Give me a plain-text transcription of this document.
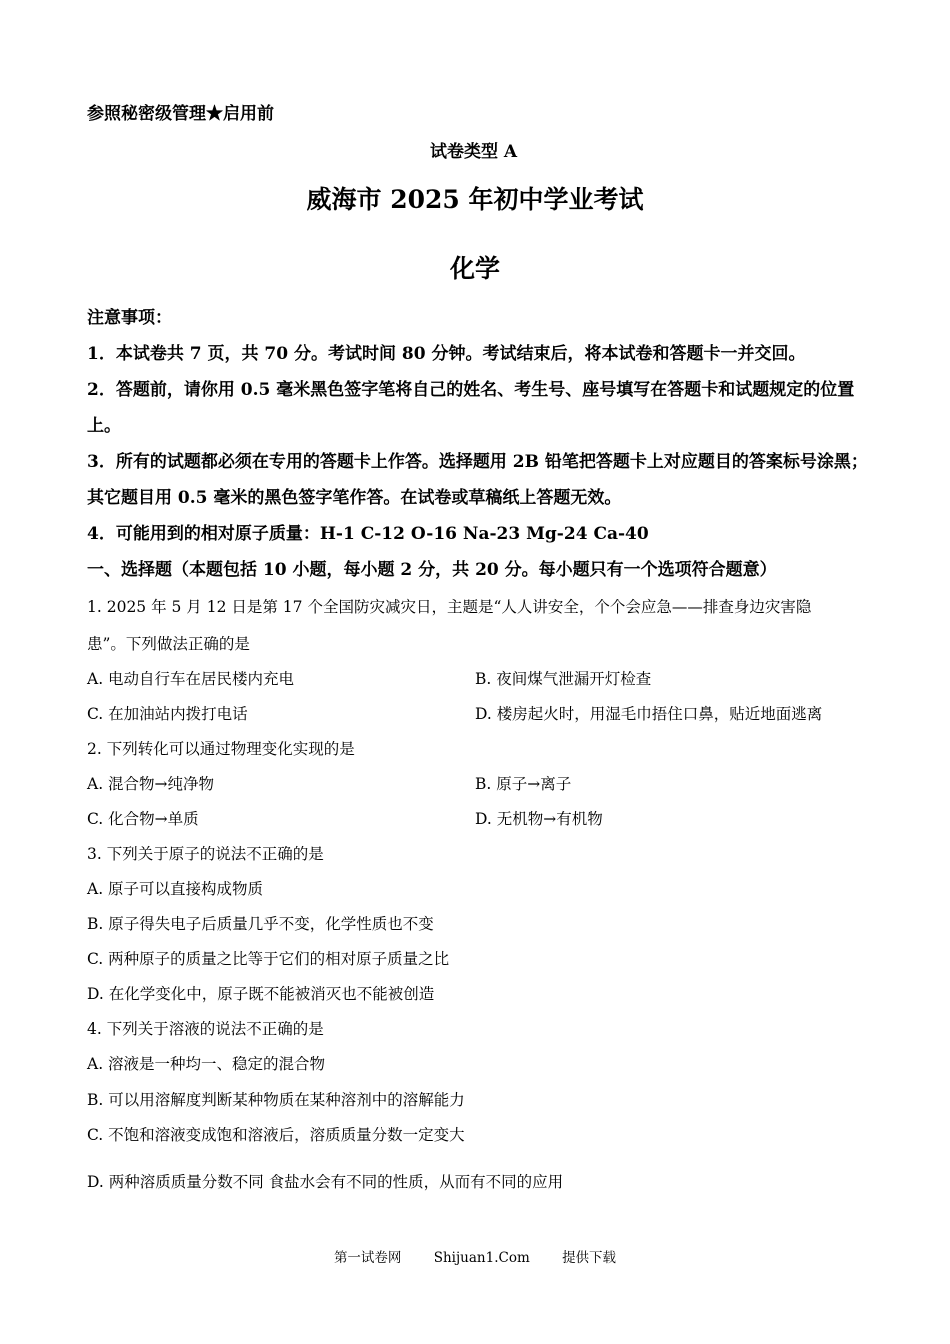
参照秘密级管理★启用前
试卷类型 A
威海市 2025 年初中学业考试
化学

注意事项：

1．本试卷共 7 页，共 70 分。考试时间 80 分钟。考试结束后，将本试卷和答题卡一并交回。

2．答题前，请你用 0.5 毫米黑色签字笔将自己的姓名、考生号、座号填写在答题卡和试题规定的位置上。

3．所有的试题都必须在专用的答题卡上作答。选择题用 2B 铅笔把答题卡上对应题目的答案标号涂黑；其它题目用 0.5 毫米的黑色签字笔作答。在试卷或草稿纸上答题无效。

4．可能用到的相对原子质量：H-1 C-12 O-16 Na-23 Mg-24 Ca-40

一、选择题（本题包括 10 小题，每小题 2 分，共 20 分。每小题只有一个选项符合题意）

1. 2025 年 5 月 12 日是第 17 个全国防灾减灾日，主题是“人人讲安全，个个会应急——排查身边灾害隐
患”。下列做法正确的是
A. 电动自行车在居民楼内充电	B. 夜间煤气泄漏开灯检查
C. 在加油站内拨打电话	D. 楼房起火时，用湿毛巾捂住口鼻，贴近地面逃离
2. 下列转化可以通过物理变化实现的是
A. 混合物→纯净物	B. 原子→离子
C. 化合物→单质	D. 无机物→有机物
3. 下列关于原子的说法不正确的是
A. 原子可以直接构成物质
B. 原子得失电子后质量几乎不变，化学性质也不变
C. 两种原子的质量之比等于它们的相对原子质量之比
D. 在化学变化中，原子既不能被消灭也不能被创造
4. 下列关于溶液的说法不正确的是
A. 溶液是一种均一、稳定的混合物
B. 可以用溶解度判断某种物质在某种溶剂中的溶解能力
C. 不饱和溶液变成饱和溶液后，溶质质量分数一定变大
D. 两种溶质质量分数不同 食盐水会有不同的性质，从而有不同的应用
第一试卷网 Shijuan1.Com 提供下载
